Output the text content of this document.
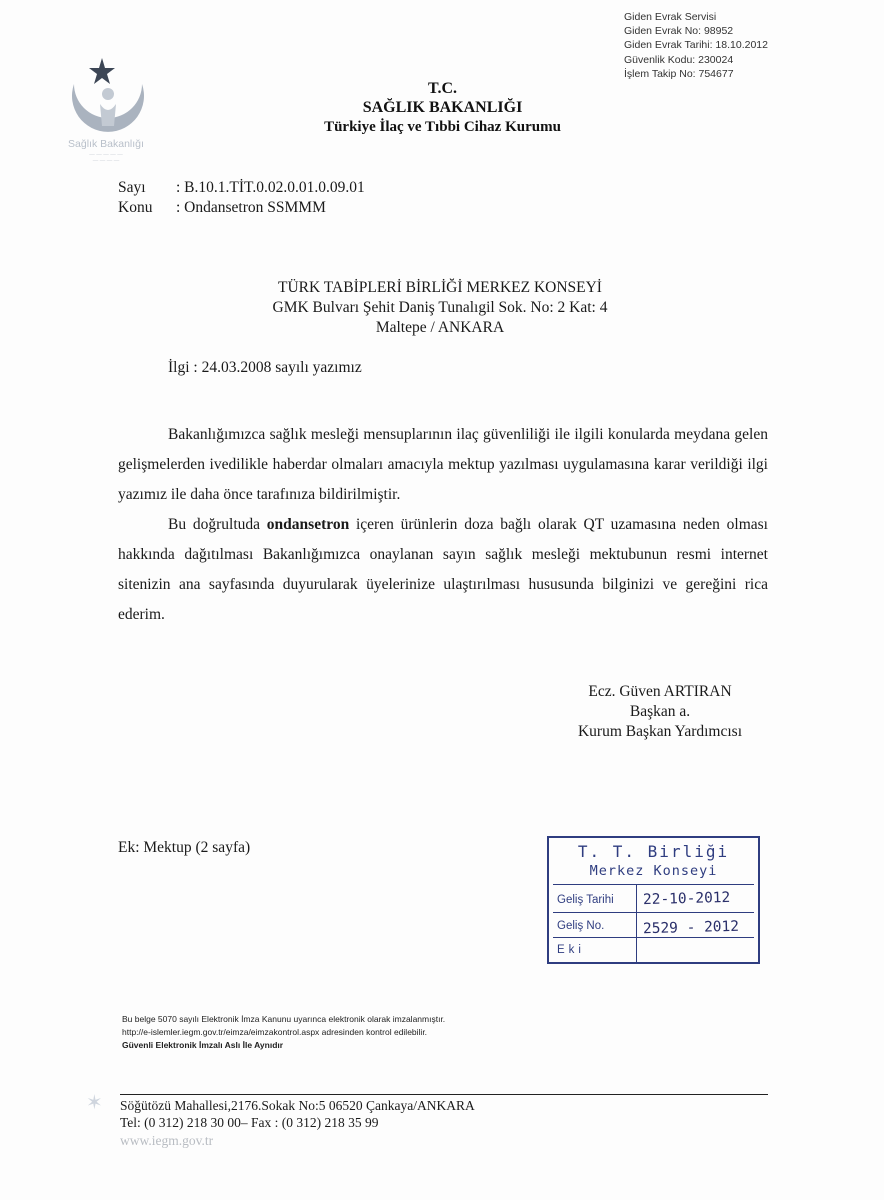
Giden Evrak Servisi
Giden Evrak No: 98952
Giden Evrak Tarihi: 18.10.2012
Güvenlik Kodu: 230024
İşlem Takip No: 754677
Sağlık Bakanlığı
— — — — —
— — — —
T.C.
SAĞLIK BAKANLIĞI
Türkiye İlaç ve Tıbbi Cihaz Kurumu
Sayı : B.10.1.TİT.0.02.0.01.0.09.01
Konu : Ondansetron SSMMM
TÜRK TABİPLERİ BİRLİĞİ MERKEZ KONSEYİ
GMK Bulvarı Şehit Daniş Tunalıgil Sok. No: 2 Kat: 4
Maltepe / ANKARA
İlgi : 24.03.2008 sayılı yazımız

Bakanlığımızca sağlık mesleği mensuplarının ilaç güvenliliği ile ilgili konularda meydana gelen gelişmelerden ivedilikle haberdar olmaları amacıyla mektup yazılması uygulamasına karar verildiği ilgi yazımız ile daha önce tarafınıza bildirilmiştir.

Bu doğrultuda ondansetron içeren ürünlerin doza bağlı olarak QT uzamasına neden olması hakkında dağıtılması Bakanlığımızca onaylanan sayın sağlık mesleği mektubunun resmi internet sitenizin ana sayfasında duyurularak üyelerinize ulaştırılması hususunda bilginizi ve gereğini rica ederim.

Ecz. Güven ARTIRAN
Başkan a.
Kurum Başkan Yardımcısı
Ek: Mektup (2 sayfa)	T. T. Birliği
Merkez Konseyi
Geliş Tarihi 22-10-2012
Geliş No.	2529 - 2012
Eki
Bu belge 5070 sayılı Elektronik İmza Kanunu uyarınca elektronik olarak imzalanmıştır.
http://e-islemler.iegm.gov.tr/eimza/eimzakontrol.aspx adresinden kontrol edilebilir.
Güvenli Elektronik İmzalı Aslı İle Aynıdır
✶ Söğütözü Mahallesi,2176.Sokak No:5 06520 Çankaya/ANKARA
Tel: (0 312) 218 30 00– Fax : (0 312) 218 35 99
www.iegm.gov.tr
